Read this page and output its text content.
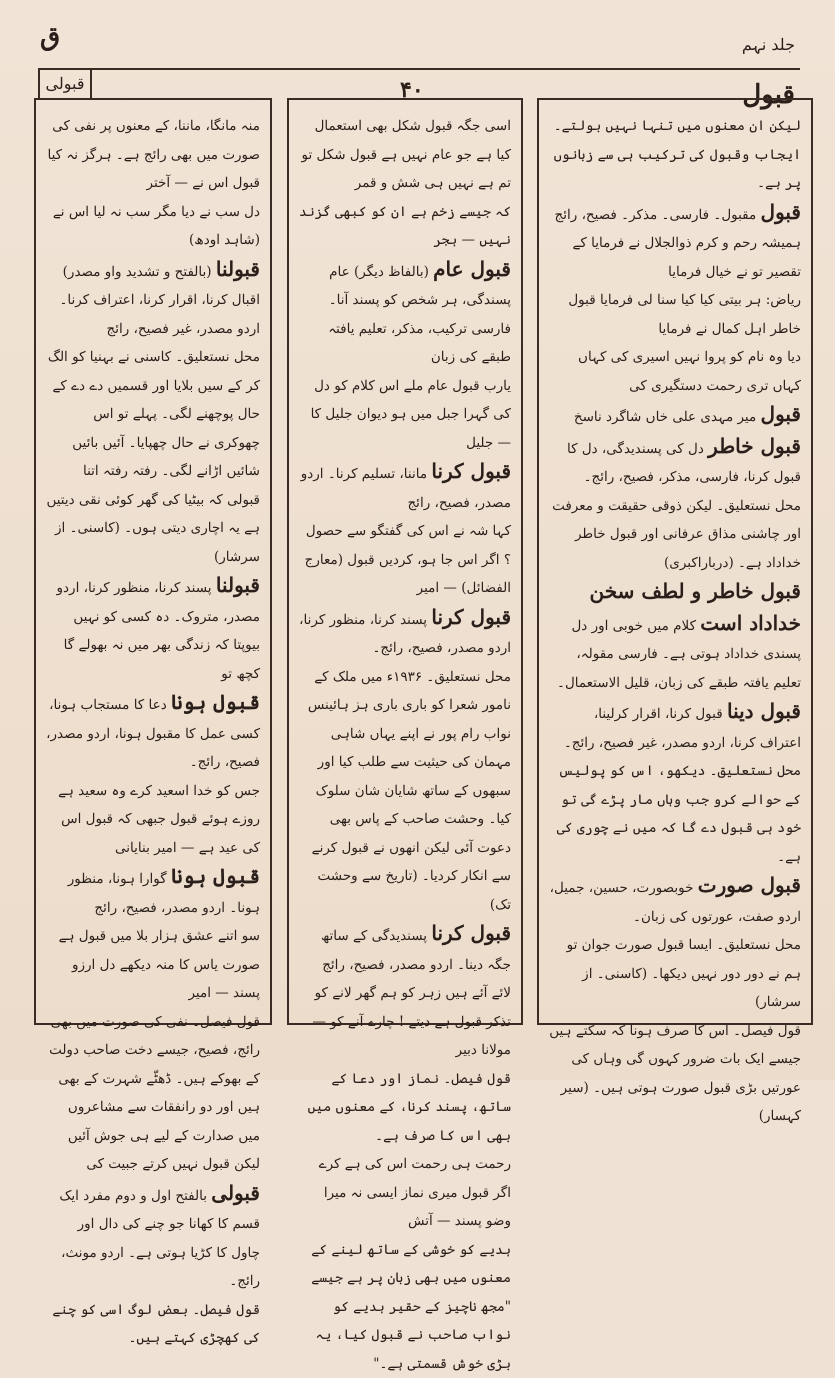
ق
قبولی
جلد نہم
قبول
۴۰

لیکن ان معنوں میں تنہا نہیں بولتے۔ ایجاب وقبول کی ترکیب ہی سے زبانوں پر ہے۔

قبول مقبول۔ فارسی۔ مذکر۔ فصیح، رائج

ہمیشہ رحم و کرم ذوالجلال نے فرمایا کے تقصیر تو نے خیال فرمایا

ریاض: ہر بیتی کیا کیا سنا لی فرمایا قبول خاطر اہل کمال نے فرمایا

دیا وہ نام کو پروا نہیں اسیری کی کہاں کہاں تری رحمت دستگیری کی

قبول میر مہدی علی خاں شاگرد ناسخ

قبول خاطر دل کی پسندیدگی، دل کا قبول کرنا، فارسی، مذکر، فصیح، رائج۔

محل نستعلیق۔ لیکن ذوقی حقیقت و معرفت اور چاشنی مذاق عرفانی اور قبول خاطر خداداد ہے۔ (درباراکبری)

قبول خاطر و لطف سخن خداداد است کلام میں خوبی اور دل پسندی خداداد ہوتی ہے۔ فارسی مقولہ، تعلیم یافتہ طبقے کی زبان، قلیل الاستعمال۔

قبول دینا قبول کرنا، اقرار کرلینا، اعتراف کرنا، اردو مصدر، غیر فصیح، رائج۔

محل نستعلیق۔ دیکھو، اس کو پولیس کے حوالے کرو جب وہاں مار پڑے گی تو خود ہی قبول دے گا کہ میں نے چوری کی ہے۔

قبول صورت خوبصورت، حسین، جمیل، اردو صفت، عورتوں کی زبان۔

محل نستعلیق۔ ایسا قبول صورت جوان تو ہم نے دور دور نہیں دیکھا۔ (کاسنی۔ از سرشار)

قول فیصل۔ اس کا صرف ہونا کہ سکتے ہیں جیسے ایک بات ضرور کہوں گی وہاں کی عورتیں بڑی قبول صورت ہوتی ہیں۔ (سیر کہسار)

اسی جگہ قبول شکل بھی استعمال کیا ہے جو عام نہیں ہے قبول شکل تو تم ہے نہیں ہی شش و قمر

کہ جیسے زخم ہے ان کو کبھی گزند نہیں — ہجر

قبول عام (بالفاظ دیگر) عام پسندگی، ہر شخص کو پسند آنا۔ فارسی ترکیب، مذکر، تعلیم یافتہ طبقے کی زبان

یارب قبول عام ملے اس کلام کو دل کی گہرا جبل میں ہو دیوان جلیل کا — جلیل

قبول کرنا ماننا، تسلیم کرنا۔ اردو مصدر، فصیح، رائج

کہا شہ نے اس کی گفتگو سے حصول ؟ اگر اس جا ہو، کردیں قبول (معارج الفضائل) — امیر

قبول کرنا پسند کرنا، منظور کرنا، اردو مصدر، فصیح، رائج۔

محل نستعلیق۔ ۱۹۳۶ء میں ملک کے نامور شعرا کو باری باری ہز ہائینس نواب رام پور نے اپنے یہاں شاہی مہمان کی حیثیت سے طلب کیا اور سبھوں کے ساتھ شایان شان سلوک کیا۔ وحشت صاحب کے پاس بھی دعوت آئی لیکن انھوں نے قبول کرنے سے انکار کردیا۔ (تاریخ سے وحشت تک)

قبول کرنا پسندیدگی کے ساتھ جگہ دینا۔ اردو مصدر، فصیح، رائج

لائے آئے ہیں زہر کو ہم گھر لانے کو تذکر قبول ہے دیتے ! چارے آنے کو — مولانا دبیر

قول فیصل۔ نماز اور دعا کے ساتھ، پسند کرنا، کے معنوں میں بھی اس کا صرف ہے۔

رحمت ہی رحمت اس کی ہے کرے اگر قبول میری نماز ایسی نہ میرا وضو پسند — آتش

ہدیے کو خوشی کے ساتھ لینے کے معنوں میں بھی زبان پر ہے جیسے "مجھ ناچیز کے حقیر ہدیے کو نواب صاحب نے قبول کیا، یہ بڑی خوش قسمتی ہے۔"

منہ مانگا، ماننا، کے معنوں پر نفی کی صورت میں بھی رائج ہے۔ ہرگز نہ کیا قبول اس نے — آختر

دل سب نے دیا مگر سب نہ لیا اس نے (شاہد اودھ)

قبولنا (بالفتح و تشدید واو مصدر) اقبال کرنا، اقرار کرنا، اعتراف کرنا۔ اردو مصدر، غیر فصیح، رائج

محل نستعلیق۔ کاسنی نے بہنیا کو الگ کر کے سیں بلایا اور قسمیں دے دے کے حال پوچھنے لگی۔ پہلے تو اس چھوکری نے حال چھپایا۔ آئیں بائیں شائیں اڑانے لگی۔ رفتہ رفتہ اتنا قبولی کہ بیٹیا کی گھر کوئی نقی دیتیں ہے یہ اچاری دیتی ہوں۔ (کاسنی۔ از سرشار)

قبولنا پسند کرنا، منظور کرنا، اردو مصدر، متروک۔ دہ کسی کو نہیں بیوپتا کہ زندگی بھر میں نہ بھولے گا کچھ تو

قبول ہونا دعا کا مستجاب ہونا، کسی عمل کا مقبول ہونا، اردو مصدر، فصیح، رائج۔

جس کو خدا اسعید کرے وہ سعید ہے روزے ہوئے قبول جبھی کہ قبول اس کی عید ہے — امیر بنایانی

قبول ہونا گوارا ہونا، منظور ہونا۔ اردو مصدر، فصیح، رائج

سو اتنے عشق ہزار بلا میں قبول ہے صورت یاس کا منہ دیکھے دل ارزو پسند — امیر

قول فیصل۔ نفی کی صورت میں بھی رائج، فصیح، جیسے دخت صاحب دولت کے بھوکے ہیں۔ ڈھٹّے شہرت کے بھی ہیں اور دو رانفقات سے مشاعروں میں صدارت کے لیے ہی جوش آئیں لیکن قبول نہیں کرتے جبیت کی

قبولی بالفتح اول و دوم مفرد ایک قسم کا کھانا جو چنے کی دال اور چاول کا کڑیا ہوتی ہے۔ اردو مونث، رائج۔

قول فیصل۔ بعض لوگ اسی کو چنے کی کھچڑی کہتے ہیں۔
